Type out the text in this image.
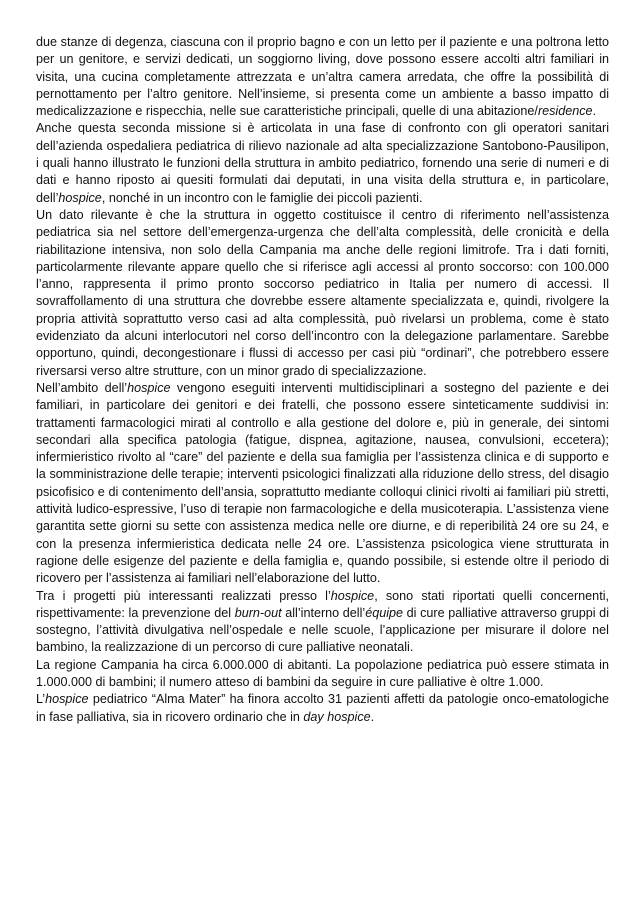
due stanze di degenza, ciascuna con il proprio bagno e con un letto per il paziente e una poltrona letto per un genitore, e servizi dedicati, un soggiorno living, dove possono essere accolti altri familiari in visita, una cucina completamente attrezzata e un’altra camera arredata, che offre la possibilità di pernottamento per l’altro genitore. Nell’insieme, si presenta come un ambiente a basso impatto di medicalizzazione e rispecchia, nelle sue caratteristiche principali, quelle di una abitazione/residence.

Anche questa seconda missione si è articolata in una fase di confronto con gli operatori sanitari dell’azienda ospedaliera pediatrica di rilievo nazionale ad alta specializzazione Santobono-Pausilipon, i quali hanno illustrato le funzioni della struttura in ambito pediatrico, fornendo una serie di numeri e di dati e hanno riposto ai quesiti formulati dai deputati, in una visita della struttura e, in particolare, dell’hospice, nonché in un incontro con le famiglie dei piccoli pazienti.

Un dato rilevante è che la struttura in oggetto costituisce il centro di riferimento nell’assistenza pediatrica sia nel settore dell’emergenza-urgenza che dell’alta complessità, delle cronicità e della riabilitazione intensiva, non solo della Campania ma anche delle regioni limitrofe. Tra i dati forniti, particolarmente rilevante appare quello che si riferisce agli accessi al pronto soccorso: con 100.000 l’anno, rappresenta il primo pronto soccorso pediatrico in Italia per numero di accessi. Il sovraffollamento di una struttura che dovrebbe essere altamente specializzata e, quindi, rivolgere la propria attività soprattutto verso casi ad alta complessità, può rivelarsi un problema, come è stato evidenziato da alcuni interlocutori nel corso dell’incontro con la delegazione parlamentare. Sarebbe opportuno, quindi, decongestionare i flussi di accesso per casi più “ordinari”, che potrebbero essere riversarsi verso altre strutture, con un minor grado di specializzazione.

Nell’ambito dell’hospice vengono eseguiti interventi multidisciplinari a sostegno del paziente e dei familiari, in particolare dei genitori e dei fratelli, che possono essere sinteticamente suddivisi in: trattamenti farmacologici mirati al controllo e alla gestione del dolore e, più in generale, dei sintomi secondari alla specifica patologia (fatigue, dispnea, agitazione, nausea, convulsioni, eccetera); infermieristico rivolto al “care” del paziente e della sua famiglia per l’assistenza clinica e di supporto e la somministrazione delle terapie; interventi psicologici finalizzati alla riduzione dello stress, del disagio psicofisico e di contenimento dell’ansia, soprattutto mediante colloqui clinici rivolti ai familiari più stretti, attività ludico-espressive, l’uso di terapie non farmacologiche e della musicoterapia. L’assistenza viene garantita sette giorni su sette con assistenza medica nelle ore diurne, e di reperibilità 24 ore su 24, e con la presenza infermieristica dedicata nelle 24 ore. L’assistenza psicologica viene strutturata in ragione delle esigenze del paziente e della famiglia e, quando possibile, si estende oltre il periodo di ricovero per l’assistenza ai familiari nell’elaborazione del lutto.

Tra i progetti più interessanti realizzati presso l’hospice, sono stati riportati quelli concernenti, rispettivamente: la prevenzione del burn-out all’interno dell’équipe di cure palliative attraverso gruppi di sostegno, l’attività divulgativa nell’ospedale e nelle scuole, l’applicazione per misurare il dolore nel bambino, la realizzazione di un percorso di cure palliative neonatali.

La regione Campania ha circa 6.000.000 di abitanti. La popolazione pediatrica può essere stimata in 1.000.000 di bambini; il numero atteso di bambini da seguire in cure palliative è oltre 1.000.

L’hospice pediatrico “Alma Mater” ha finora accolto 31 pazienti affetti da patologie onco-ematologiche in fase palliativa, sia in ricovero ordinario che in day hospice.
